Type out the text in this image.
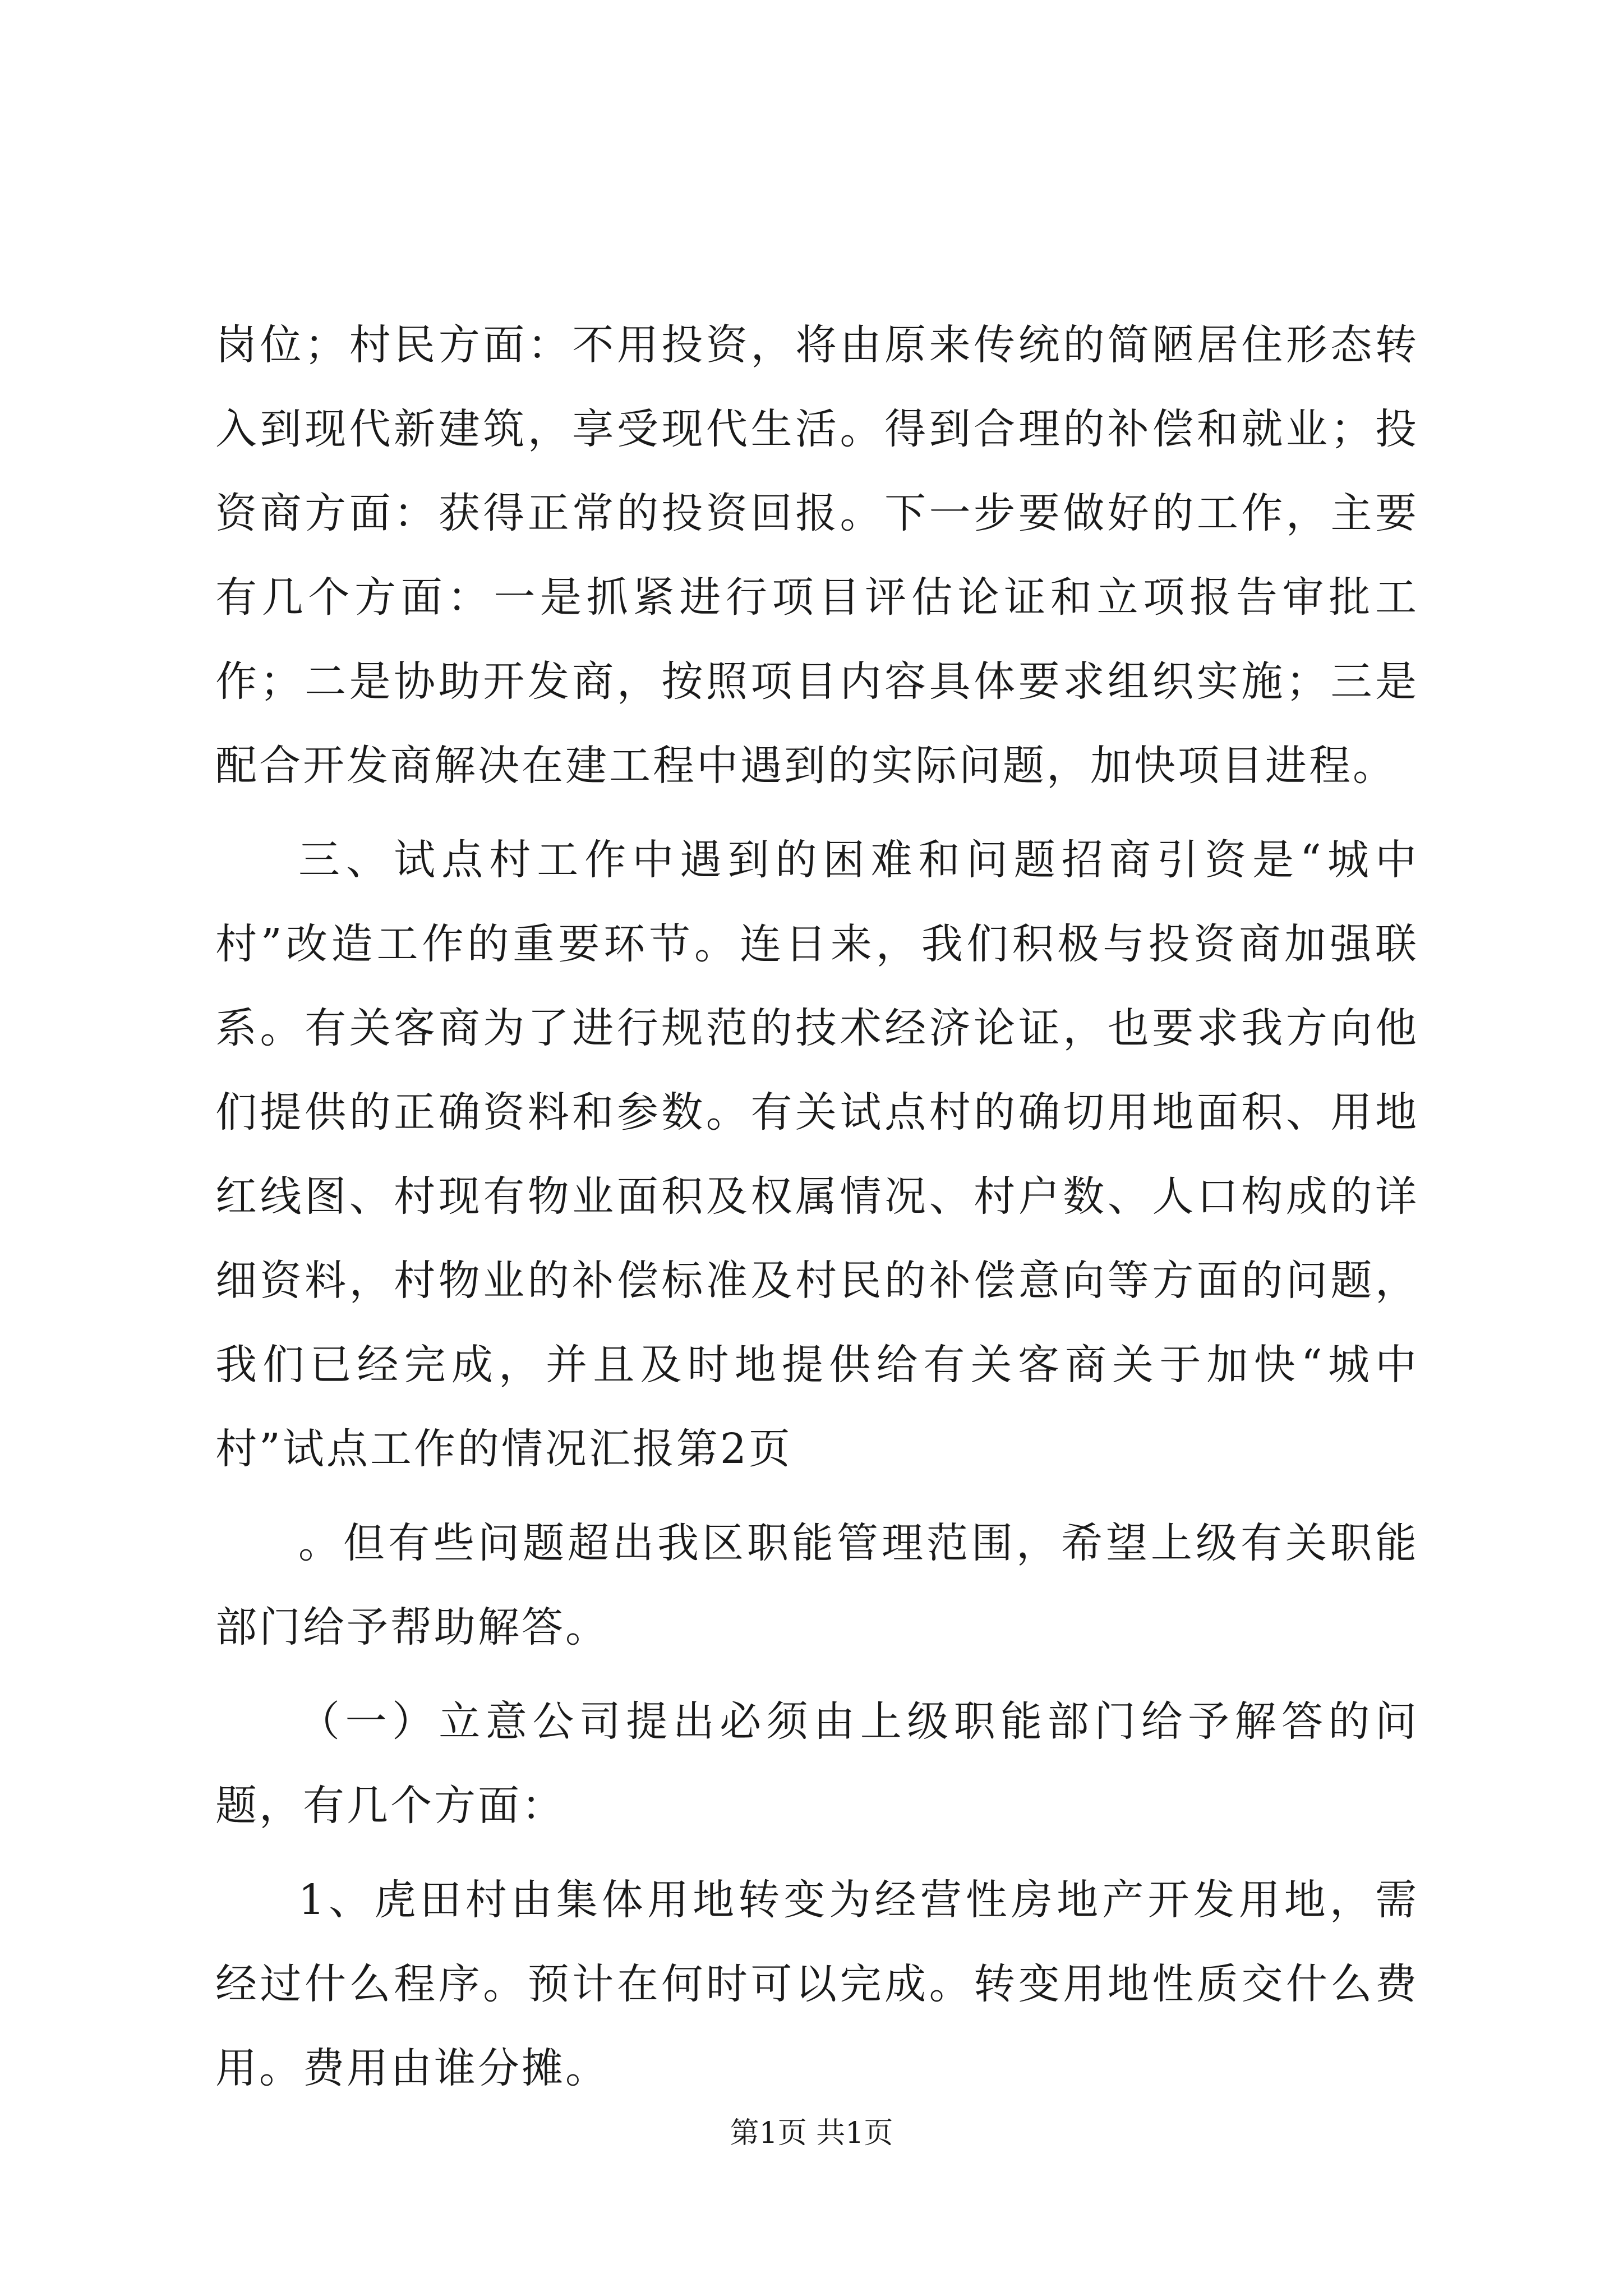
岗位；村民方面：不用投资，将由原来传统的简陋居住形态转入到现代新建筑，享受现代生活。得到合理的补偿和就业；投资商方面：获得正常的投资回报。下一步要做好的工作，主要有几个方面：一是抓紧进行项目评估论证和立项报告审批工作；二是协助开发商，按照项目内容具体要求组织实施；三是配合开发商解决在建工程中遇到的实际问题，加快项目进程。

三、试点村工作中遇到的困难和问题招商引资是“城中村”改造工作的重要环节。连日来，我们积极与投资商加强联系。有关客商为了进行规范的技术经济论证，也要求我方向他们提供的正确资料和参数。有关试点村的确切用地面积、用地红线图、村现有物业面积及权属情况、村户数、人口构成的详细资料，村物业的补偿标准及村民的补偿意向等方面的问题，我们已经完成，并且及时地提供给有关客商关于加快“城中村”试点工作的情况汇报第2页

。但有些问题超出我区职能管理范围，希望上级有关职能部门给予帮助解答。

（一）立意公司提出必须由上级职能部门给予解答的问题，有几个方面：

1、虎田村由集体用地转变为经营性房地产开发用地，需经过什么程序。预计在何时可以完成。转变用地性质交什么费用。费用由谁分摊。

第1页 共1页
